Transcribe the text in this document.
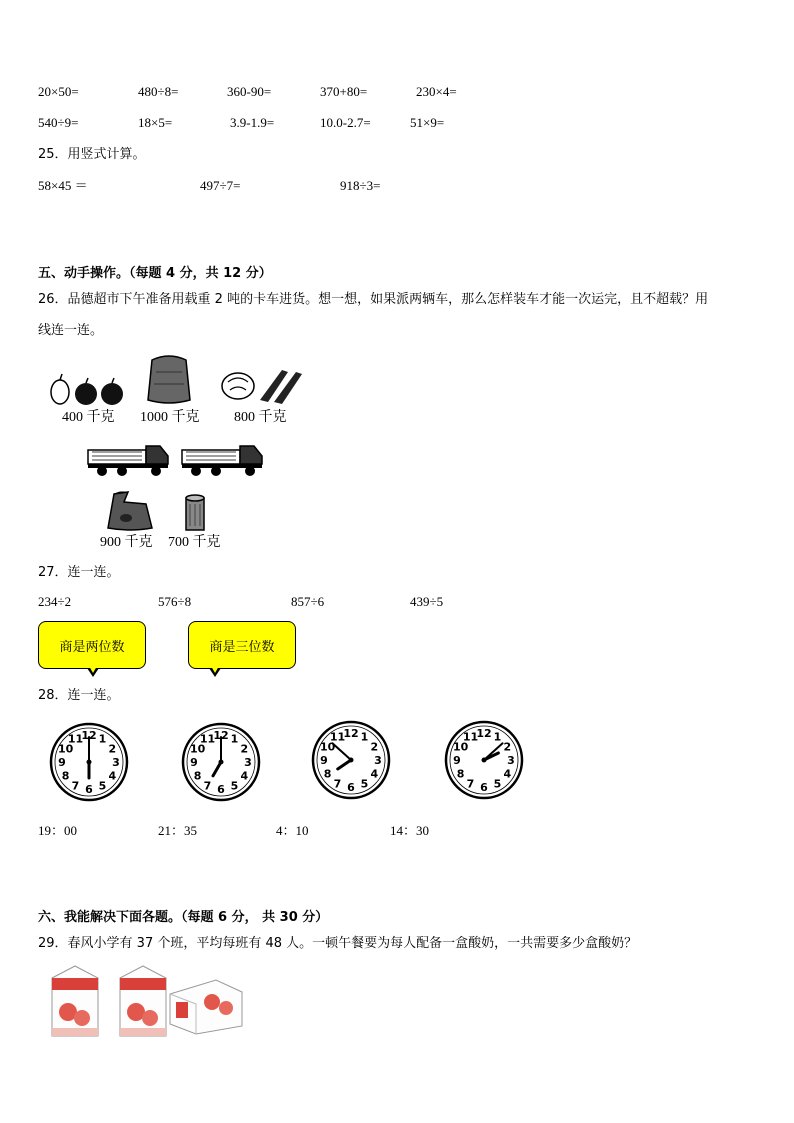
20×50=	480÷8=	360-90=	370+80=	230×4=
540÷9=	18×5=	3.9-1.9=	10.0-2.7=	51×9=
25．用竖式计算。
58×45 ＝	497÷7=	918÷3=
五、动手操作。（每题 4 分，共 12 分）
26．品德超市下午准备用载重 2 吨的卡车进货。想一想，如果派两辆车，那么怎样装车才能一次运完，且不超载？用
线连一连。
400 千克 1000 千克 800 千克
900 千克 700 千克
27．连一连。
234÷2	576÷8	857÷6	439÷5
商是两位数	商是三位数
28．连一连。
1
2
3
4
5
6
7
8
9
10
11
12	1
2
3
4
5
6
7
8
9
10
11
12	1
2
3
4
5
6
7
8
9
10
11
12	1
2
3
4
5
6
7
8
9
10
11
12
19：00	21：35	4：10	14：30
六、我能解决下面各题。（每题 6 分， 共 30 分）
29．春风小学有 37 个班，平均每班有 48 人。一顿午餐要为每人配备一盒酸奶，一共需要多少盒酸奶？
